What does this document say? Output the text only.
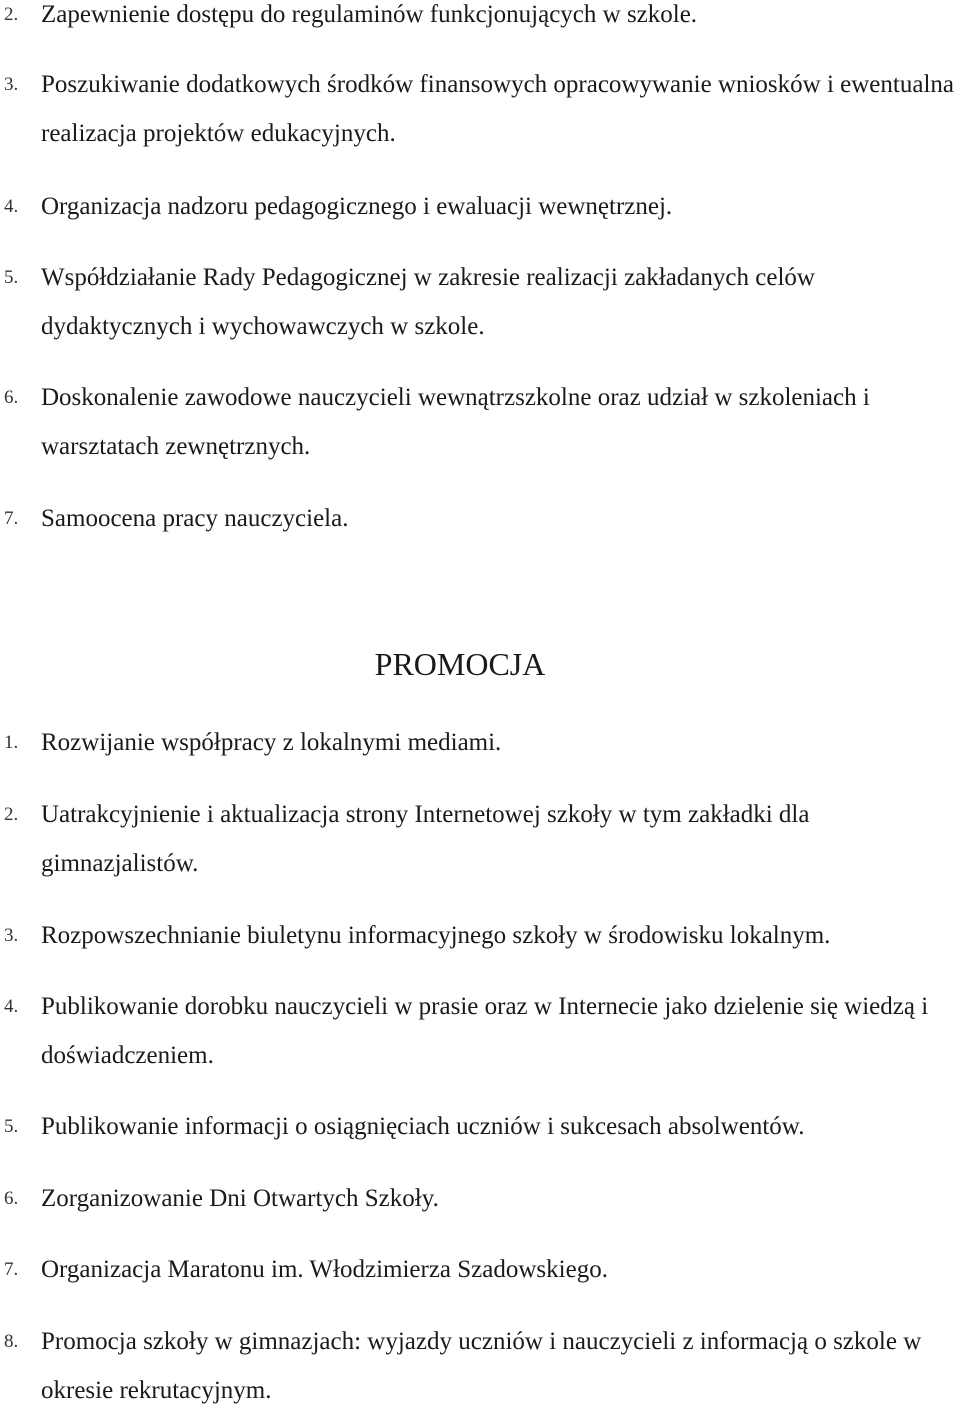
2. Zapewnienie dostępu do regulaminów funkcjonujących w szkole.
3. Poszukiwanie dodatkowych środków finansowych opracowywanie wniosków i ewentualna realizacja projektów edukacyjnych.
4. Organizacja nadzoru pedagogicznego i ewaluacji wewnętrznej.
5. Współdziałanie Rady Pedagogicznej w zakresie realizacji zakładanych celów dydaktycznych i wychowawczych w szkole.
6. Doskonalenie zawodowe nauczycieli wewnątrzszkolne oraz udział w szkoleniach i warsztatach zewnętrznych.
7. Samoocena pracy nauczyciela.
PROMOCJA
1. Rozwijanie współpracy z lokalnymi mediami.
2. Uatrakcyjnienie i aktualizacja strony Internetowej szkoły w tym zakładki dla gimnazjalistów.
3. Rozpowszechnianie biuletynu informacyjnego szkoły w środowisku lokalnym.
4. Publikowanie dorobku nauczycieli w prasie oraz w Internecie jako dzielenie się wiedzą i doświadczeniem.
5. Publikowanie informacji o osiągnięciach uczniów i sukcesach absolwentów.
6. Zorganizowanie Dni Otwartych Szkoły.
7. Organizacja Maratonu im. Włodzimierza Szadowskiego.
8. Promocja szkoły w gimnazjach: wyjazdy uczniów i nauczycieli z informacją o szkole w okresie rekrutacyjnym.
